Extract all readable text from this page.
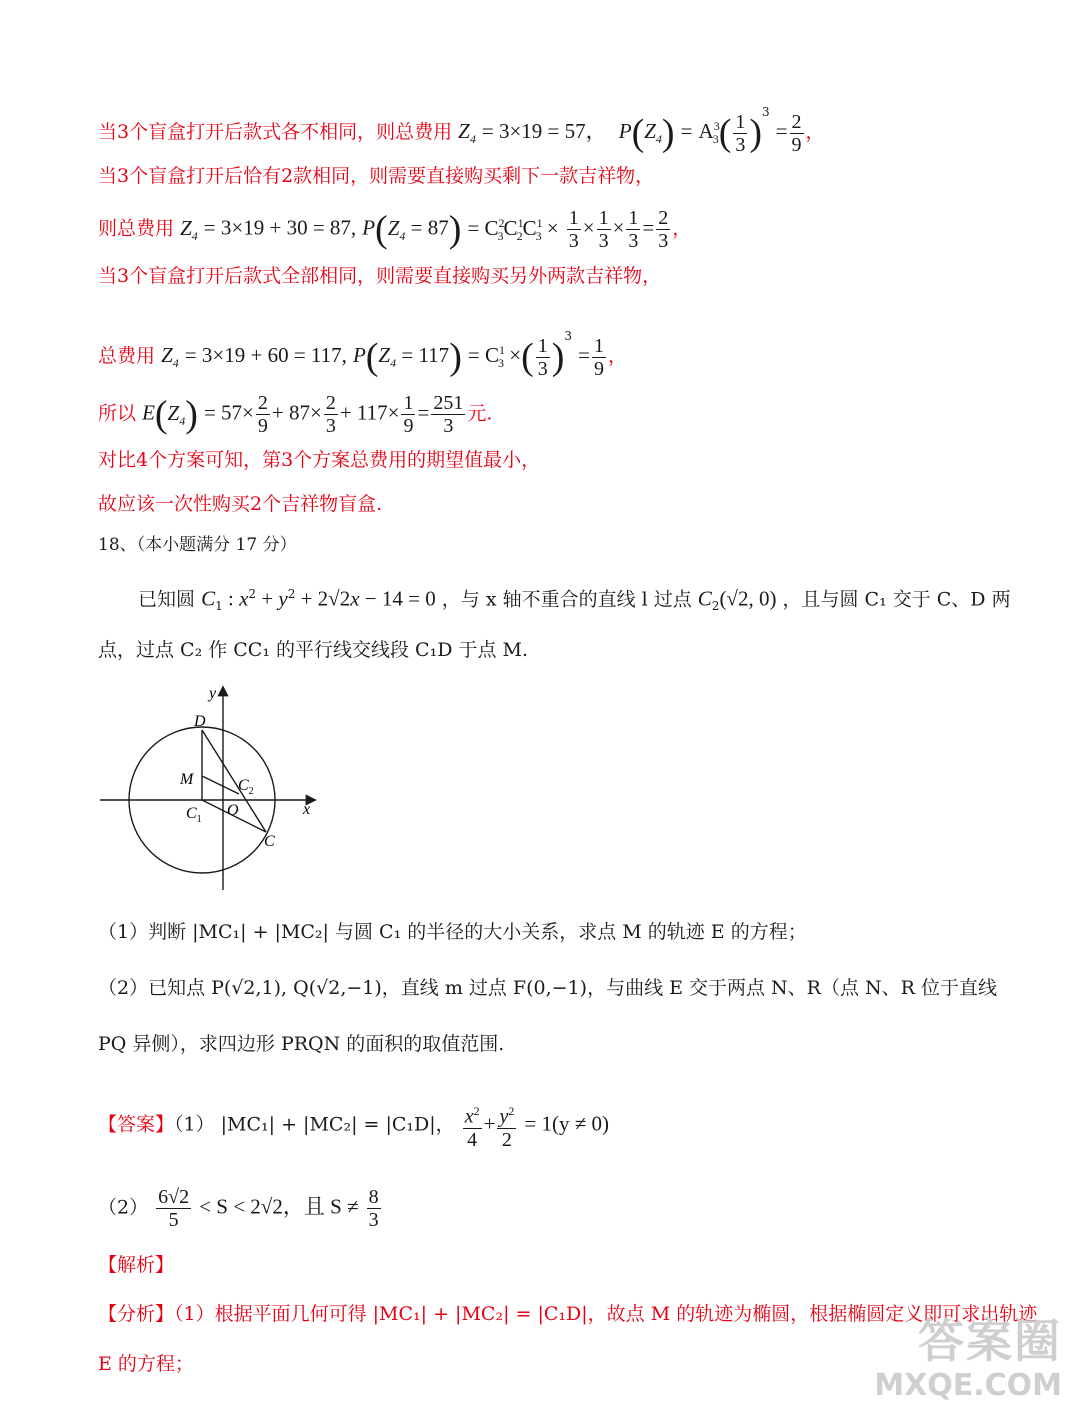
当3个盲盒打开后款式各不相同，则总费用 $Z_4 = 3\times 19 = 57$， $P(Z_4) = A^3_3( \frac{1}{3} )^3 = \frac{2}{9}$ ，
当3个盲盒打开后恰有2款相同，则需要直接购买剩下一款吉祥物，
则总费用 $Z_4 = 3\times 19 + 30 = 87$, $P(Z_4 = 87) = C^2_3C^1_2C^1_3 \times \frac{1}{3} \times \frac{1}{3} \times \frac{1}{3} = \frac{2}{3}$ ，
当3个盲盒打开后款式全部相同，则需要直接购买另外两款吉祥物，
总费用 $Z_4 = 3\times 19 + 60 = 117$, $P(Z_4 = 117) = C^1_3$ ×( $\frac{1}{3} )^3 = \frac{1}{9}$ ，
所以 $E(Z_4) = 57\times \frac{2}{9} + 87\times \frac{2}{3} + 117\times \frac{1}{9} = \frac{251}{3}$ 元.
对比4个方案可知，第3个方案总费用的期望值最小，
故应该一次性购买2个吉祥物盲盒.
18、（本小题满分 17 分）
已知圆 $C_1$ : $x^2 + y^2 + 2√2x - 14 = 0$ ，与 x 轴不重合的直线 l 过点 $C_2(√2$, 0) ，且与圆 C₁ 交于 C、D 两
点，过点 C₂ 作 CC₁ 的平行线交线段 C₁D 于点 M.
y
x
D
M
$C_1$
O
$C_2$
C
（1）判断 |MC₁| + |MC₂| 与圆 C₁ 的半径的大小关系，求点 M 的轨迹 E 的方程；
（2）已知点 P(√2,1), Q(√2,−1)，直线 m 过点 F(0,−1)，与曲线 E 交于两点 N、R（点 N、R 位于直线
PQ 异侧），求四边形 PRQN 的面积的取值范围.
【答案】（1） |MC₁| + |MC₂| = |C₁D|， $\frac{x^2}{4} + \frac{y^2}{2} = 1(y \ne 0)$
$(2) \frac{6√2}{5} < S < 2√2$，且 $S \ne \frac{8}{3}$
【解析】
【分析】（1）根据平面几何可得 |MC₁| + |MC₂| = |C₁D|，故点 M 的轨迹为椭圆，根据椭圆定义即可求出轨迹
E 的方程；	答案圈
MXQE.COM
